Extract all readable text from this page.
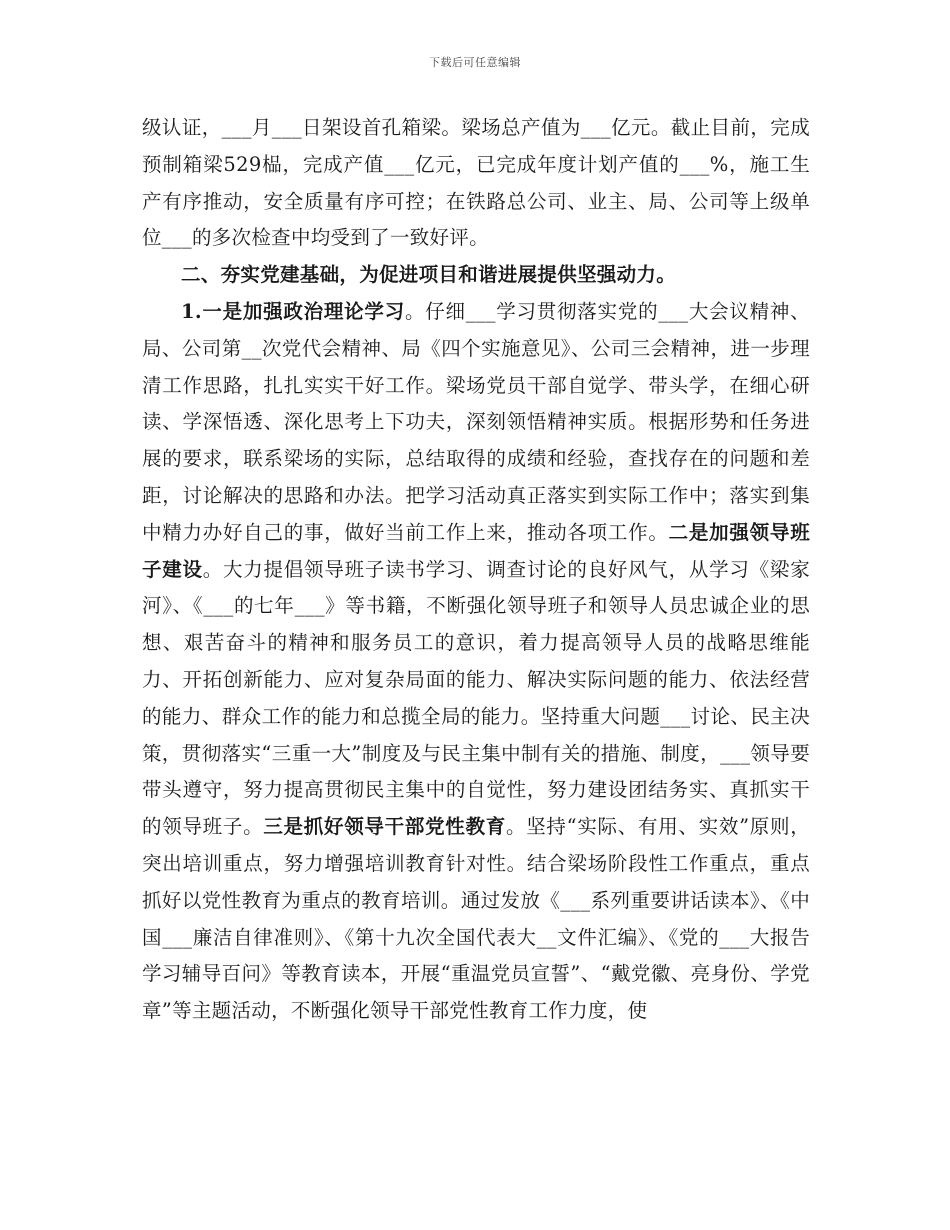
下载后可任意编辑

级认证，___月___日架设首孔箱梁。梁场总产值为___亿元。截止目前，完成预制箱梁529榀，完成产值___亿元，已完成年度计划产值的___%，施工生产有序推动，安全质量有序可控；在铁路总公司、业主、局、公司等上级单位___的多次检查中均受到了一致好评。

二、夯实党建基础，为促进项目和谐进展提供坚强动力。

1.一是加强政治理论学习。仔细___学习贯彻落实党的___大会议精神、局、公司第__次党代会精神、局《四个实施意见》、公司三会精神，进一步理清工作思路，扎扎实实干好工作。梁场党员干部自觉学、带头学，在细心研读、学深悟透、深化思考上下功夫，深刻领悟精神实质。根据形势和任务进展的要求，联系梁场的实际，总结取得的成绩和经验，查找存在的问题和差距，讨论解决的思路和办法。把学习活动真正落实到实际工作中；落实到集中精力办好自己的事，做好当前工作上来，推动各项工作。二是加强领导班子建设。大力提倡领导班子读书学习、调查讨论的良好风气，从学习《梁家河》、《___的七年___》等书籍，不断强化领导班子和领导人员忠诚企业的思想、艰苦奋斗的精神和服务员工的意识，着力提高领导人员的战略思维能力、开拓创新能力、应对复杂局面的能力、解决实际问题的能力、依法经营的能力、群众工作的能力和总揽全局的能力。坚持重大问题___讨论、民主决策，贯彻落实“三重一大”制度及与民主集中制有关的措施、制度，___领导要带头遵守，努力提高贯彻民主集中的自觉性，努力建设团结务实、真抓实干的领导班子。三是抓好领导干部党性教育。坚持“实际、有用、实效”原则，突出培训重点，努力增强培训教育针对性。结合梁场阶段性工作重点，重点抓好以党性教育为重点的教育培训。通过发放《___系列重要讲话读本》、《中国___廉洁自律准则》、《第十九次全国代表大__文件汇编》、《党的___大报告学习辅导百问》等教育读本，开展“重温党员宣誓”、“戴党徽、亮身份、学党章”等主题活动，不断强化领导干部党性教育工作力度，使
